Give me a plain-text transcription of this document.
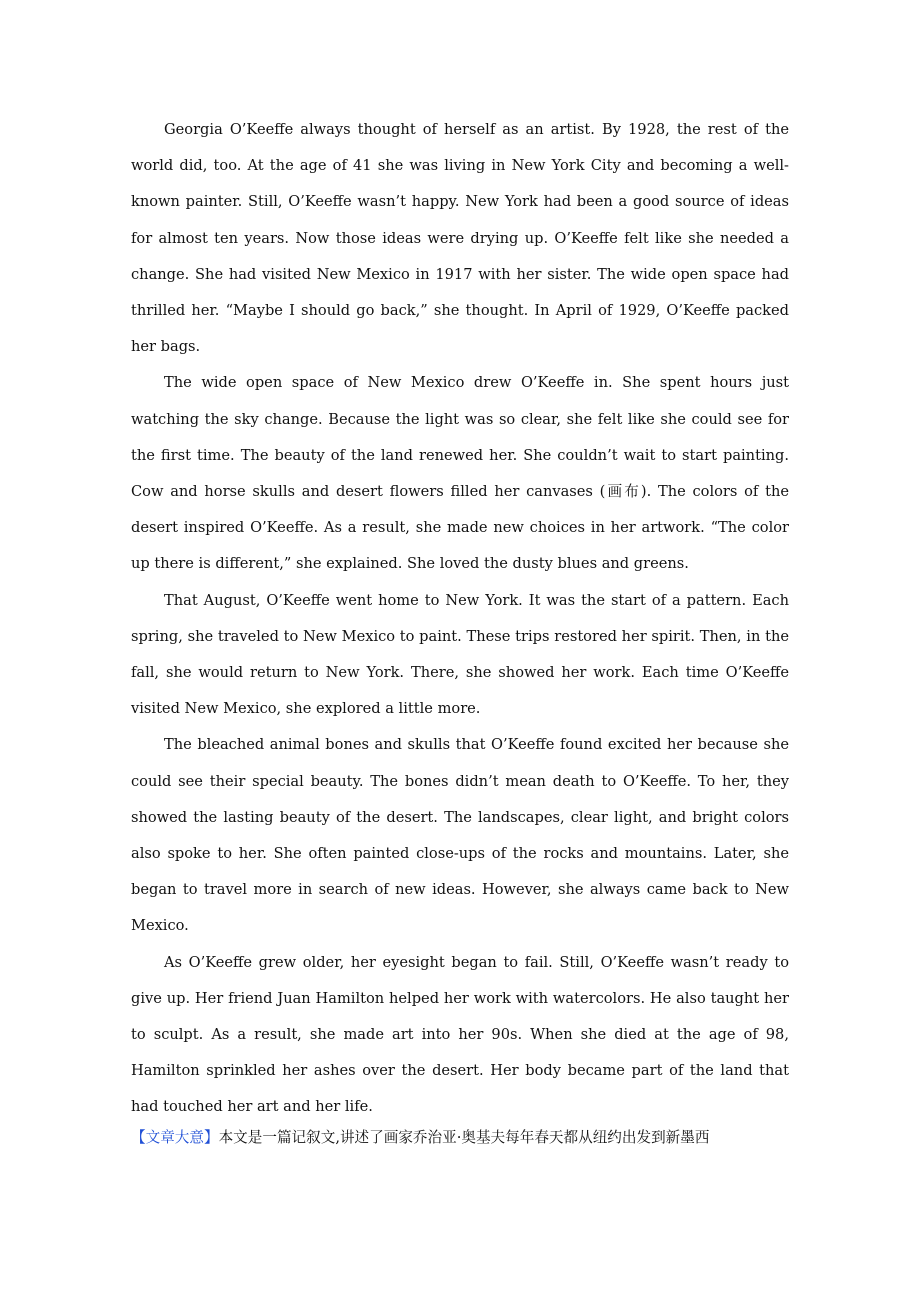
Georgia O’Keeffe always thought of herself as an artist. By 1928, the rest of the world did, too. At the age of 41 she was living in New York City and becoming a well-known painter. Still, O’Keeffe wasn’t happy. New York had been a good source of ideas for almost ten years. Now those ideas were drying up. O’Keeffe felt like she needed a change. She had visited New Mexico in 1917 with her sister. The wide open space had thrilled her. “Maybe I should go back,” she thought. In April of 1929, O’Keeffe packed her bags.

The wide open space of New Mexico drew O’Keeffe in. She spent hours just watching the sky change. Because the light was so clear, she felt like she could see for the first time. The beauty of the land renewed her. She couldn’t wait to start painting. Cow and horse skulls and desert flowers filled her canvases (画布). The colors of the desert inspired O’Keeffe. As a result, she made new choices in her artwork. “The color up there is different,” she explained. She loved the dusty blues and greens.

That August, O’Keeffe went home to New York. It was the start of a pattern. Each spring, she traveled to New Mexico to paint. These trips restored her spirit. Then, in the fall, she would return to New York. There, she showed her work. Each time O’Keeffe visited New Mexico, she explored a little more.

The bleached animal bones and skulls that O’Keeffe found excited her because she could see their special beauty. The bones didn’t mean death to O’Keeffe. To her, they showed the lasting beauty of the desert. The landscapes, clear light, and bright colors also spoke to her. She often painted close-ups of the rocks and mountains. Later, she began to travel more in search of new ideas. However, she always came back to New Mexico.

As O’Keeffe grew older, her eyesight began to fail. Still, O’Keeffe wasn’t ready to give up. Her friend Juan Hamilton helped her work with watercolors. He also taught her to sculpt. As a result, she made art into her 90s. When she died at the age of 98, Hamilton sprinkled her ashes over the desert. Her body became part of the land that had touched her art and her life.

【文章大意】本文是一篇记叙文,讲述了画家乔治亚·奥基夫每年春天都从纽约出发到新墨西
